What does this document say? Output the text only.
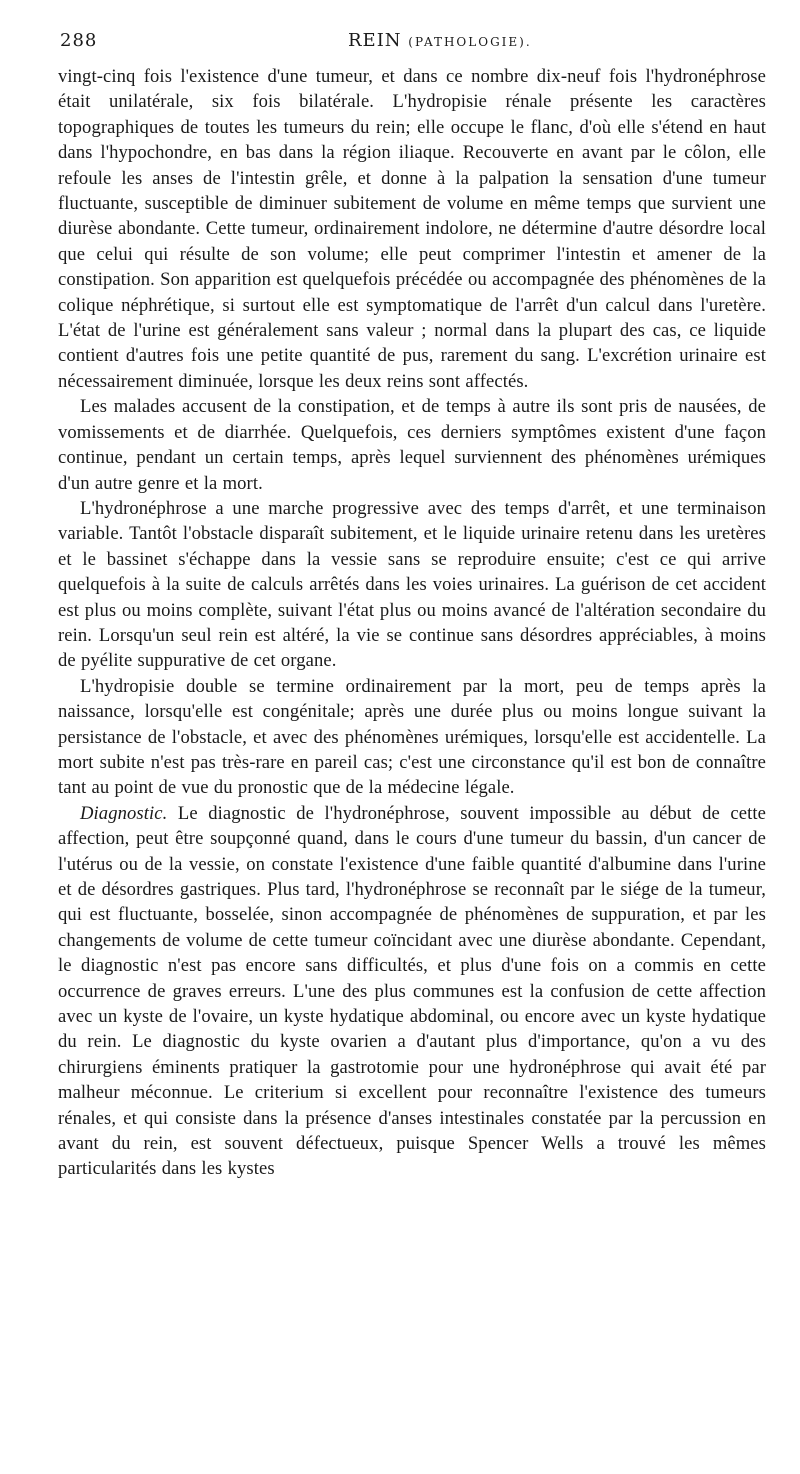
288	REIN (PATHOLOGIE).

vingt-cinq fois l'existence d'une tumeur, et dans ce nombre dix-neuf fois l'hydronéphrose était unilatérale, six fois bilatérale. L'hydropisie rénale présente les caractères topographiques de toutes les tumeurs du rein; elle occupe le flanc, d'où elle s'étend en haut dans l'hypochondre, en bas dans la région iliaque. Recouverte en avant par le côlon, elle refoule les anses de l'intestin grêle, et donne à la palpation la sensation d'une tumeur fluctuante, susceptible de diminuer subitement de volume en même temps que survient une diurèse abondante. Cette tumeur, ordinairement indolore, ne détermine d'autre désordre local que celui qui résulte de son volume; elle peut comprimer l'intestin et amener de la constipation. Son apparition est quelquefois précédée ou accompagnée des phénomènes de la colique néphrétique, si surtout elle est symptomatique de l'arrêt d'un calcul dans l'uretère. L'état de l'urine est généralement sans valeur ; normal dans la plupart des cas, ce liquide contient d'autres fois une petite quantité de pus, rarement du sang. L'excrétion urinaire est nécessairement diminuée, lorsque les deux reins sont affectés.

Les malades accusent de la constipation, et de temps à autre ils sont pris de nausées, de vomissements et de diarrhée. Quelquefois, ces derniers symptômes existent d'une façon continue, pendant un certain temps, après lequel surviennent des phénomènes urémiques d'un autre genre et la mort.

L'hydronéphrose a une marche progressive avec des temps d'arrêt, et une terminaison variable. Tantôt l'obstacle disparaît subitement, et le liquide urinaire retenu dans les uretères et le bassinet s'échappe dans la vessie sans se reproduire ensuite; c'est ce qui arrive quelquefois à la suite de calculs arrêtés dans les voies urinaires. La guérison de cet accident est plus ou moins complète, suivant l'état plus ou moins avancé de l'altération secondaire du rein. Lorsqu'un seul rein est altéré, la vie se continue sans désordres appréciables, à moins de pyélite suppurative de cet organe.

L'hydropisie double se termine ordinairement par la mort, peu de temps après la naissance, lorsqu'elle est congénitale; après une durée plus ou moins longue suivant la persistance de l'obstacle, et avec des phénomènes urémiques, lorsqu'elle est accidentelle. La mort subite n'est pas très-rare en pareil cas; c'est une circonstance qu'il est bon de connaître tant au point de vue du pronostic que de la médecine légale.

Diagnostic. Le diagnostic de l'hydronéphrose, souvent impossible au début de cette affection, peut être soupçonné quand, dans le cours d'une tumeur du bassin, d'un cancer de l'utérus ou de la vessie, on constate l'existence d'une faible quantité d'albumine dans l'urine et de désordres gastriques. Plus tard, l'hydronéphrose se reconnaît par le siége de la tumeur, qui est fluctuante, bosselée, sinon accompagnée de phénomènes de suppuration, et par les changements de volume de cette tumeur coïncidant avec une diurèse abondante. Cependant, le diagnostic n'est pas encore sans difficultés, et plus d'une fois on a commis en cette occurrence de graves erreurs. L'une des plus communes est la confusion de cette affection avec un kyste de l'ovaire, un kyste hydatique abdominal, ou encore avec un kyste hydatique du rein. Le diagnostic du kyste ovarien a d'autant plus d'importance, qu'on a vu des chirurgiens éminents pratiquer la gastrotomie pour une hydronéphrose qui avait été par malheur méconnue. Le criterium si excellent pour reconnaître l'existence des tumeurs rénales, et qui consiste dans la présence d'anses intestinales constatée par la percussion en avant du rein, est souvent défectueux, puisque Spencer Wells a trouvé les mêmes particularités dans les kystes
